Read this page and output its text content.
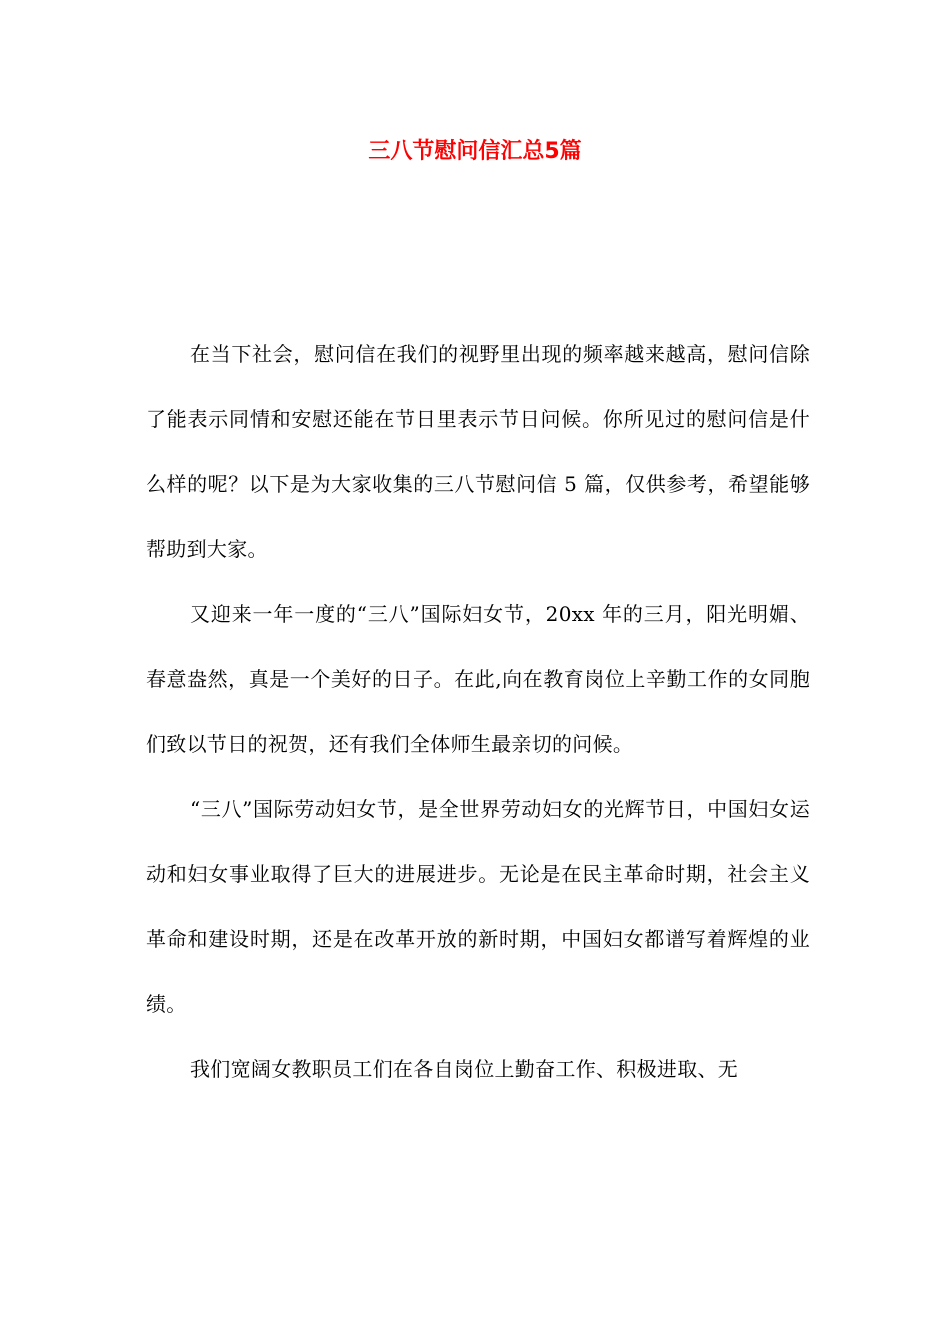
三八节慰问信汇总5篇

在当下社会，慰问信在我们的视野里出现的频率越来越高，慰问信除了能表示同情和安慰还能在节日里表示节日问候。你所见过的慰问信是什么样的呢？以下是为大家收集的三八节慰问信 5 篇，仅供参考，希望能够帮助到大家。

又迎来一年一度的“三八”国际妇女节，20xx 年的三月，阳光明媚、春意盎然，真是一个美好的日子。在此,向在教育岗位上辛勤工作的女同胞们致以节日的祝贺，还有我们全体师生最亲切的问候。

“三八”国际劳动妇女节，是全世界劳动妇女的光辉节日，中国妇女运动和妇女事业取得了巨大的进展进步。无论是在民主革命时期，社会主义革命和建设时期，还是在改革开放的新时期，中国妇女都谱写着辉煌的业绩。

我们宽阔女教职员工们在各自岗位上勤奋工作、积极进取、无
